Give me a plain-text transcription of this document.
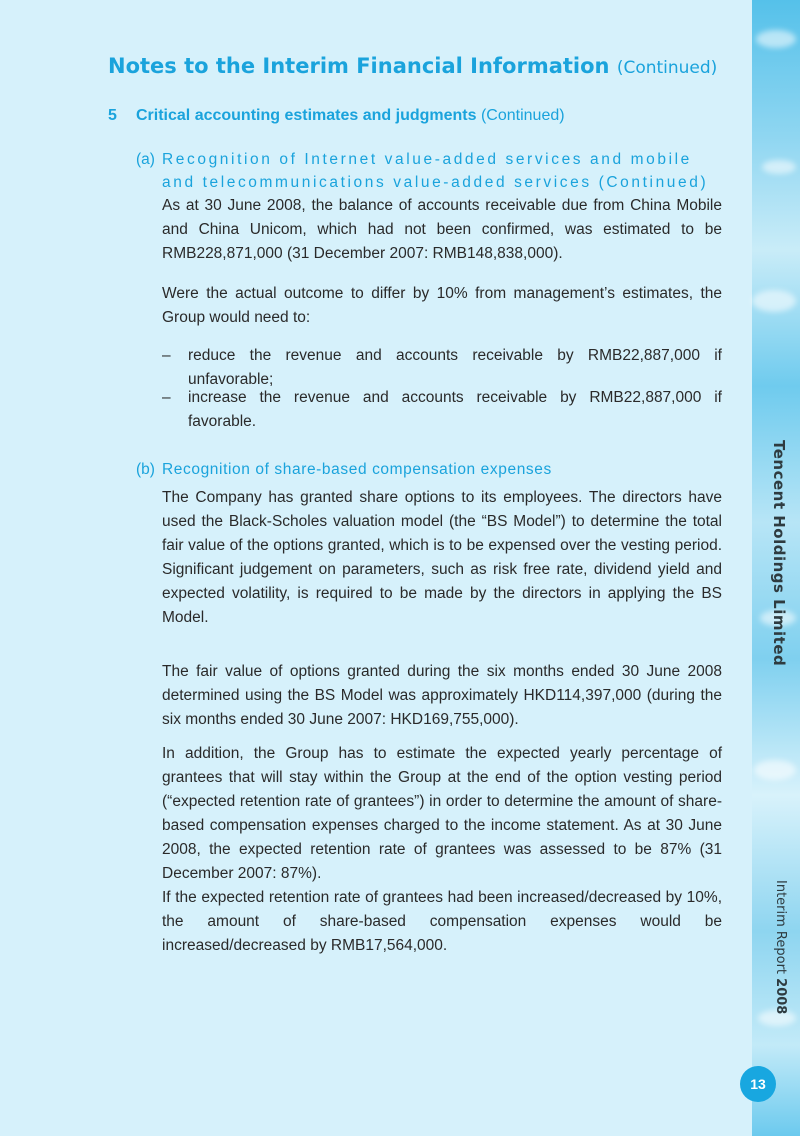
Notes to the Interim Financial Information (Continued)
5 Critical accounting estimates and judgments (Continued)
(a) Recognition of Internet value-added services and mobile and telecommunications value-added services (Continued)

As at 30 June 2008, the balance of accounts receivable due from China Mobile and China Unicom, which had not been confirmed, was estimated to be RMB228,871,000 (31 December 2007: RMB148,838,000).

Were the actual outcome to differ by 10% from management’s estimates, the Group would need to:

– reduce the revenue and accounts receivable by RMB22,887,000 if unfavorable;
– increase the revenue and accounts receivable by RMB22,887,000 if favorable.
(b) Recognition of share-based compensation expenses

The Company has granted share options to its employees. The directors have used the Black-Scholes valuation model (the “BS Model”) to determine the total fair value of the options granted, which is to be expensed over the vesting period. Significant judgement on parameters, such as risk free rate, dividend yield and expected volatility, is required to be made by the directors in applying the BS Model.

The fair value of options granted during the six months ended 30 June 2008 determined using the BS Model was approximately HKD114,397,000 (during the six months ended 30 June 2007: HKD169,755,000).

In addition, the Group has to estimate the expected yearly percentage of grantees that will stay within the Group at the end of the option vesting period (“expected retention rate of grantees”) in order to determine the amount of share-based compensation expenses charged to the income statement. As at 30 June 2008, the expected retention rate of grantees was assessed to be 87% (31 December 2007: 87%).

If the expected retention rate of grantees had been increased/decreased by 10%, the amount of share-based compensation expenses would be increased/decreased by RMB17,564,000.

Tencent Holdings Limited
Interim Report 2008
13
